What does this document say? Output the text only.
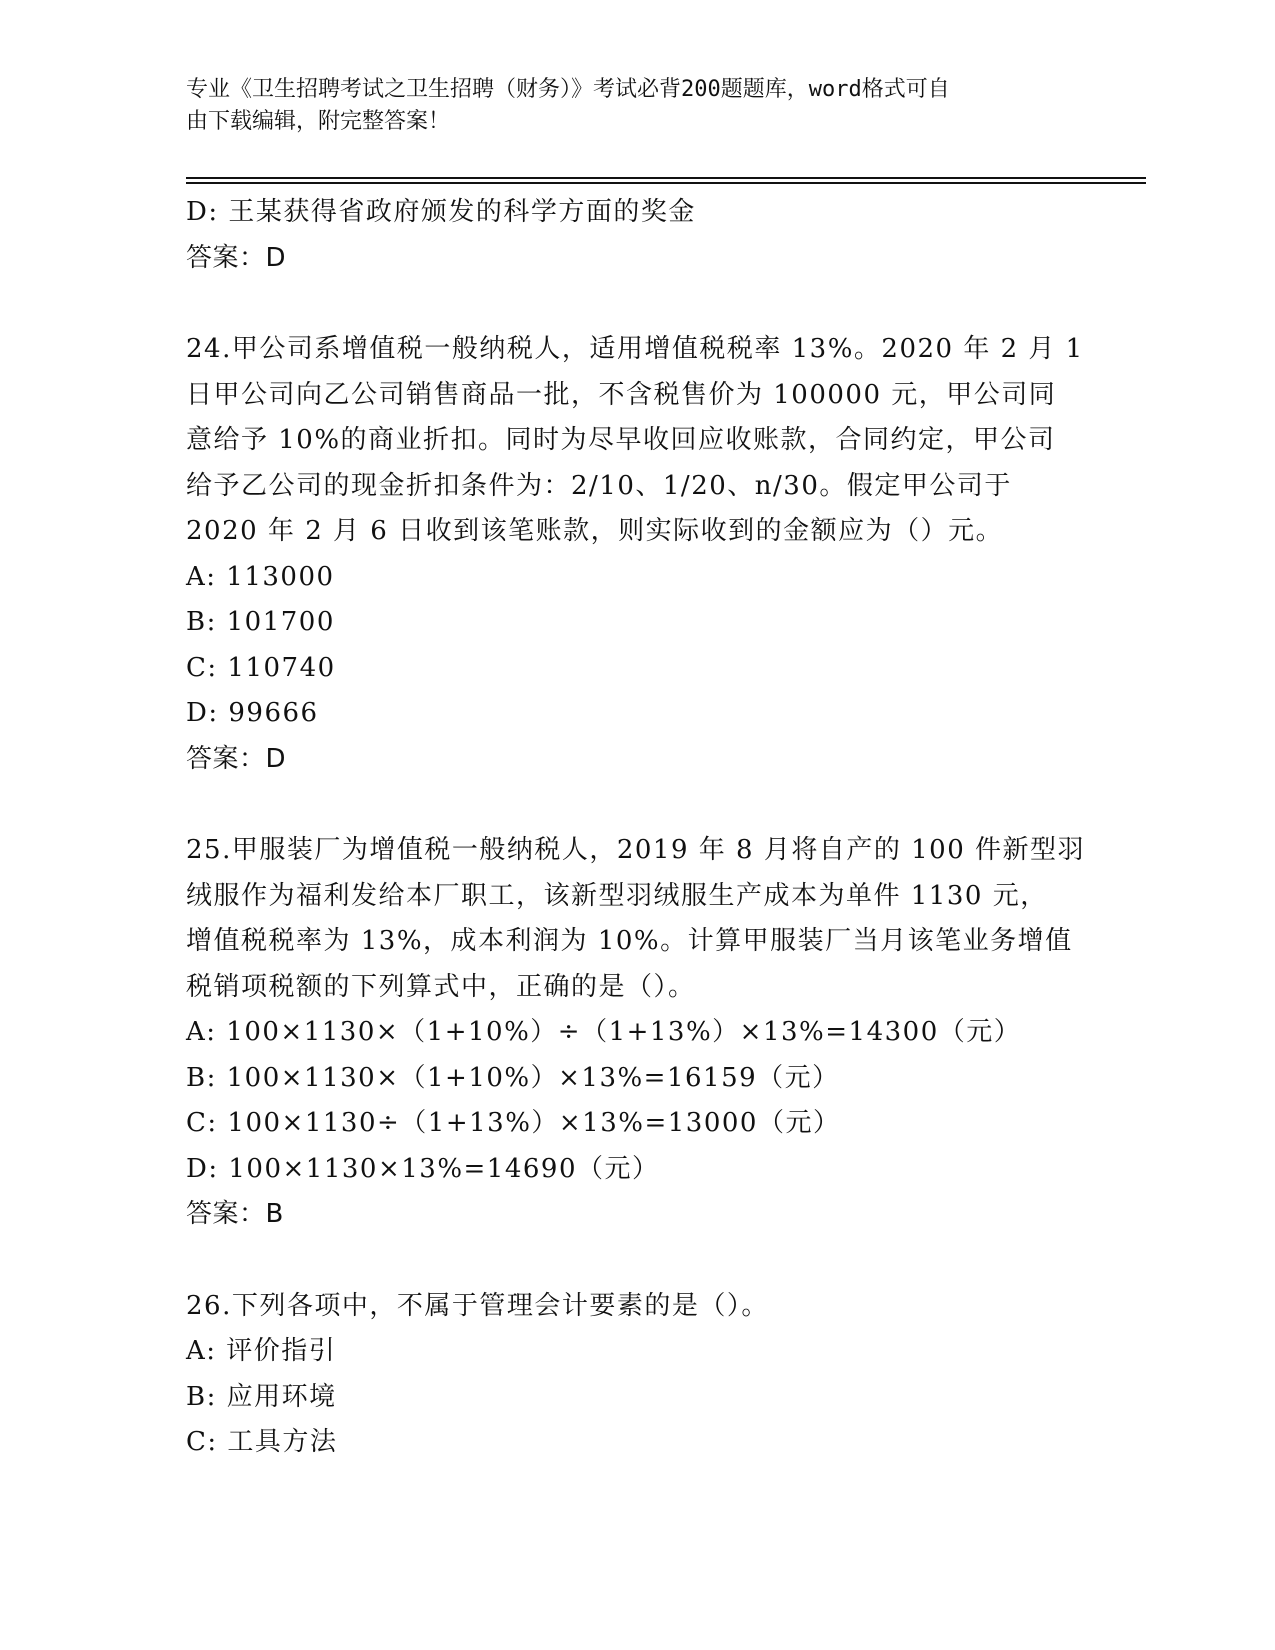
专业《卫生招聘考试之卫生招聘（财务）》考试必背200题题库，word格式可自
由下载编辑，附完整答案！
D: 王某获得省政府颁发的科学方面的奖金
答案：D
24.甲公司系增值税一般纳税人，适用增值税税率 13%。2020 年 2 月 1
日甲公司向乙公司销售商品一批，不含税售价为 100000 元，甲公司同
意给予 10%的商业折扣。同时为尽早收回应收账款，合同约定，甲公司
给予乙公司的现金折扣条件为：2/10、1/20、n/30。假定甲公司于
2020 年 2 月 6 日收到该笔账款，则实际收到的金额应为（）元。
A: 113000
B: 101700
C: 110740
D: 99666
答案：D
25.甲服装厂为增值税一般纳税人，2019 年 8 月将自产的 100 件新型羽
绒服作为福利发给本厂职工，该新型羽绒服生产成本为单件 1130 元，
增值税税率为 13%，成本利润为 10%。计算甲服装厂当月该笔业务增值
税销项税额的下列算式中，正确的是（）。
A: 100×1130×（1+10%）÷（1+13%）×13%=14300（元）
B: 100×1130×（1+10%）×13%=16159（元）
C: 100×1130÷（1+13%）×13%=13000（元）
D: 100×1130×13%=14690（元）
答案：B
26.下列各项中，不属于管理会计要素的是（）。
A: 评价指引
B: 应用环境
C: 工具方法
